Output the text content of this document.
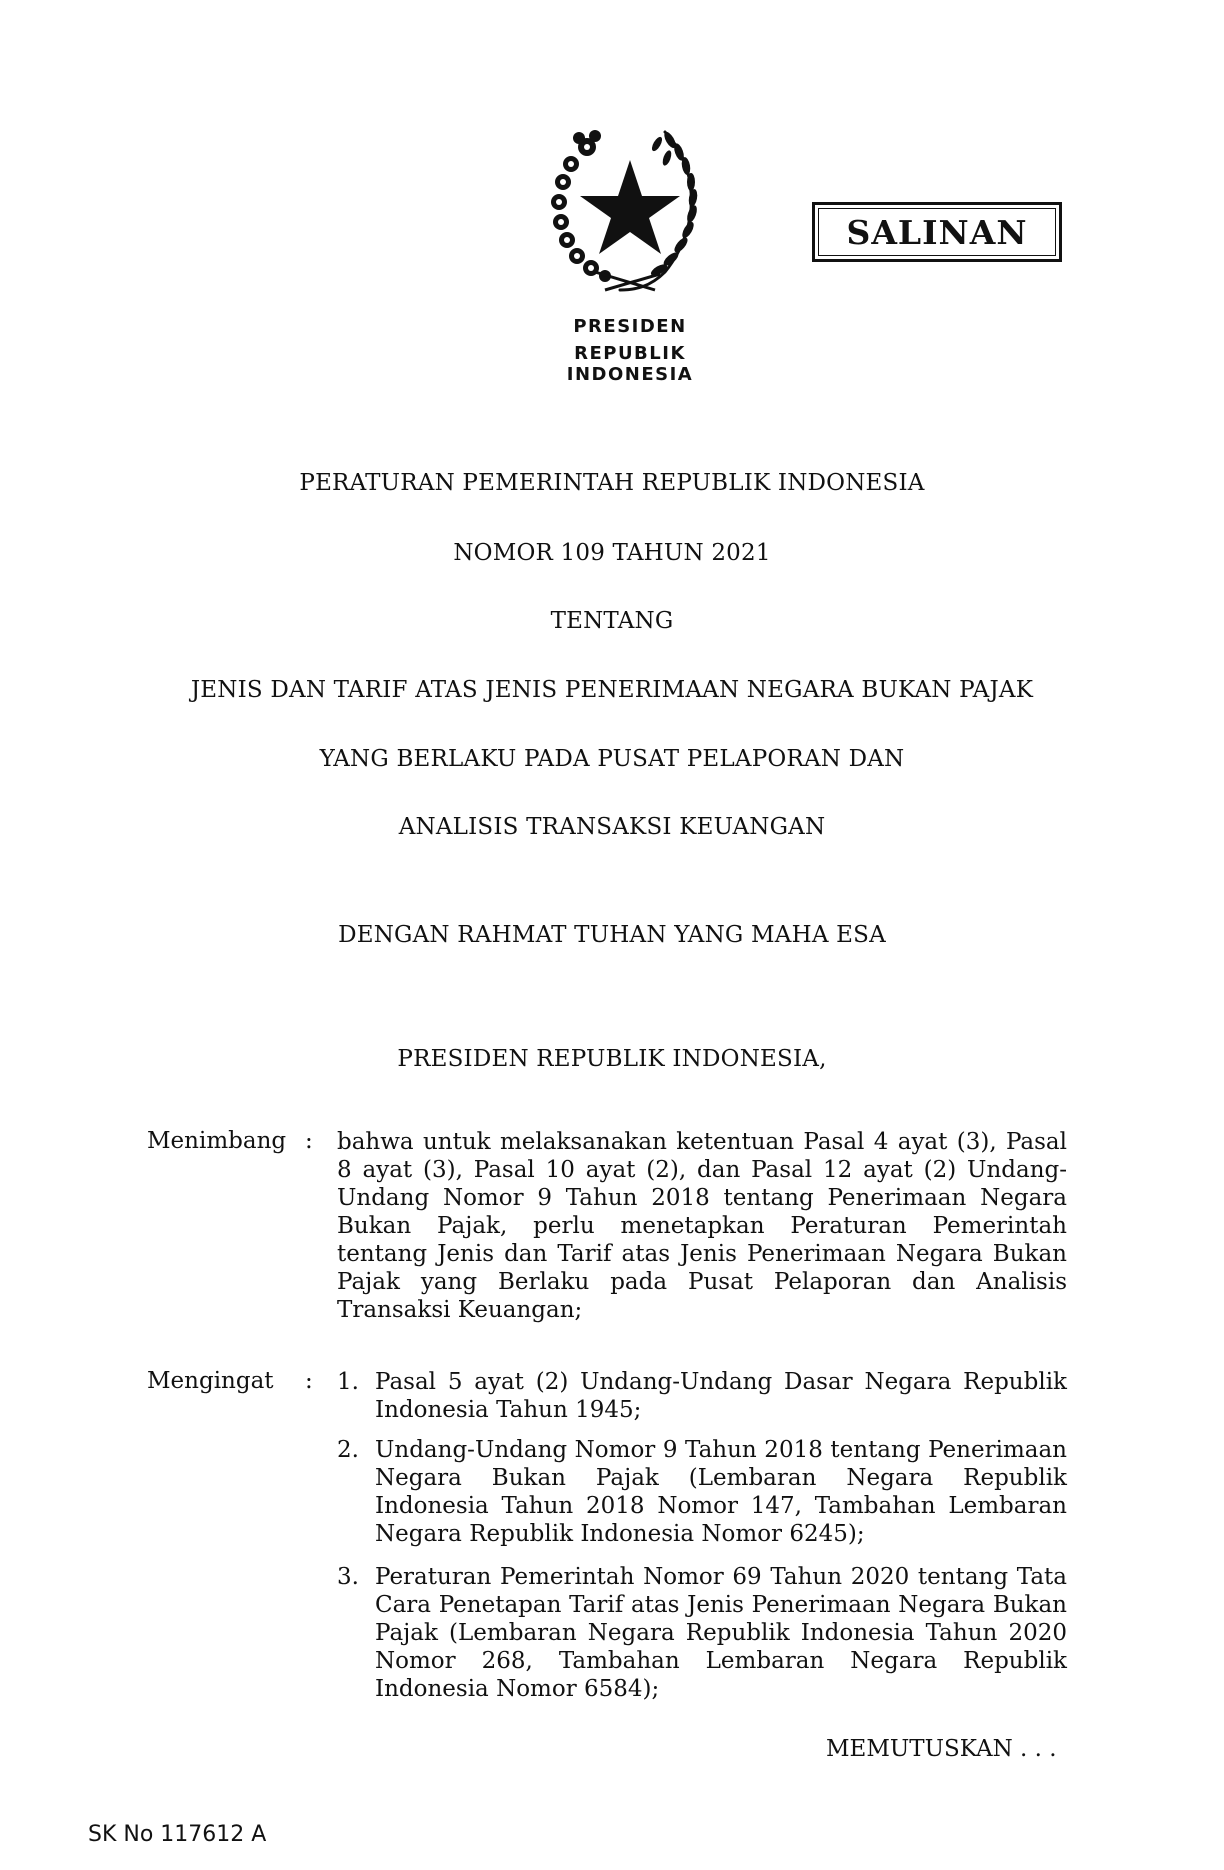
PRESIDEN
REPUBLIK INDONESIA
SALINAN
PERATURAN PEMERINTAH REPUBLIK INDONESIA
NOMOR 109 TAHUN 2021
TENTANG
JENIS DAN TARIF ATAS JENIS PENERIMAAN NEGARA BUKAN PAJAK
YANG BERLAKU PADA PUSAT PELAPORAN DAN
ANALISIS TRANSAKSI KEUANGAN
DENGAN RAHMAT TUHAN YANG MAHA ESA
PRESIDEN REPUBLIK INDONESIA,
Menimbang : bahwa untuk melaksanakan ketentuan Pasal 4 ayat (3), Pasal 8 ayat (3), Pasal 10 ayat (2), dan Pasal 12 ayat (2) Undang-Undang Nomor 9 Tahun 2018 tentang Penerimaan Negara Bukan Pajak, perlu menetapkan Peraturan Pemerintah tentang Jenis dan Tarif atas Jenis Penerimaan Negara Bukan Pajak yang Berlaku pada Pusat Pelaporan dan Analisis Transaksi Keuangan;
Mengingat : 1. Pasal 5 ayat (2) Undang-Undang Dasar Negara Republik Indonesia Tahun 1945;
2. Undang-Undang Nomor 9 Tahun 2018 tentang Penerimaan Negara Bukan Pajak (Lembaran Negara Republik Indonesia Tahun 2018 Nomor 147, Tambahan Lembaran Negara Republik Indonesia Nomor 6245);
3. Peraturan Pemerintah Nomor 69 Tahun 2020 tentang Tata Cara Penetapan Tarif atas Jenis Penerimaan Negara Bukan Pajak (Lembaran Negara Republik Indonesia Tahun 2020 Nomor 268, Tambahan Lembaran Negara Republik Indonesia Nomor 6584);
MEMUTUSKAN . . .
SK No 117612 A
